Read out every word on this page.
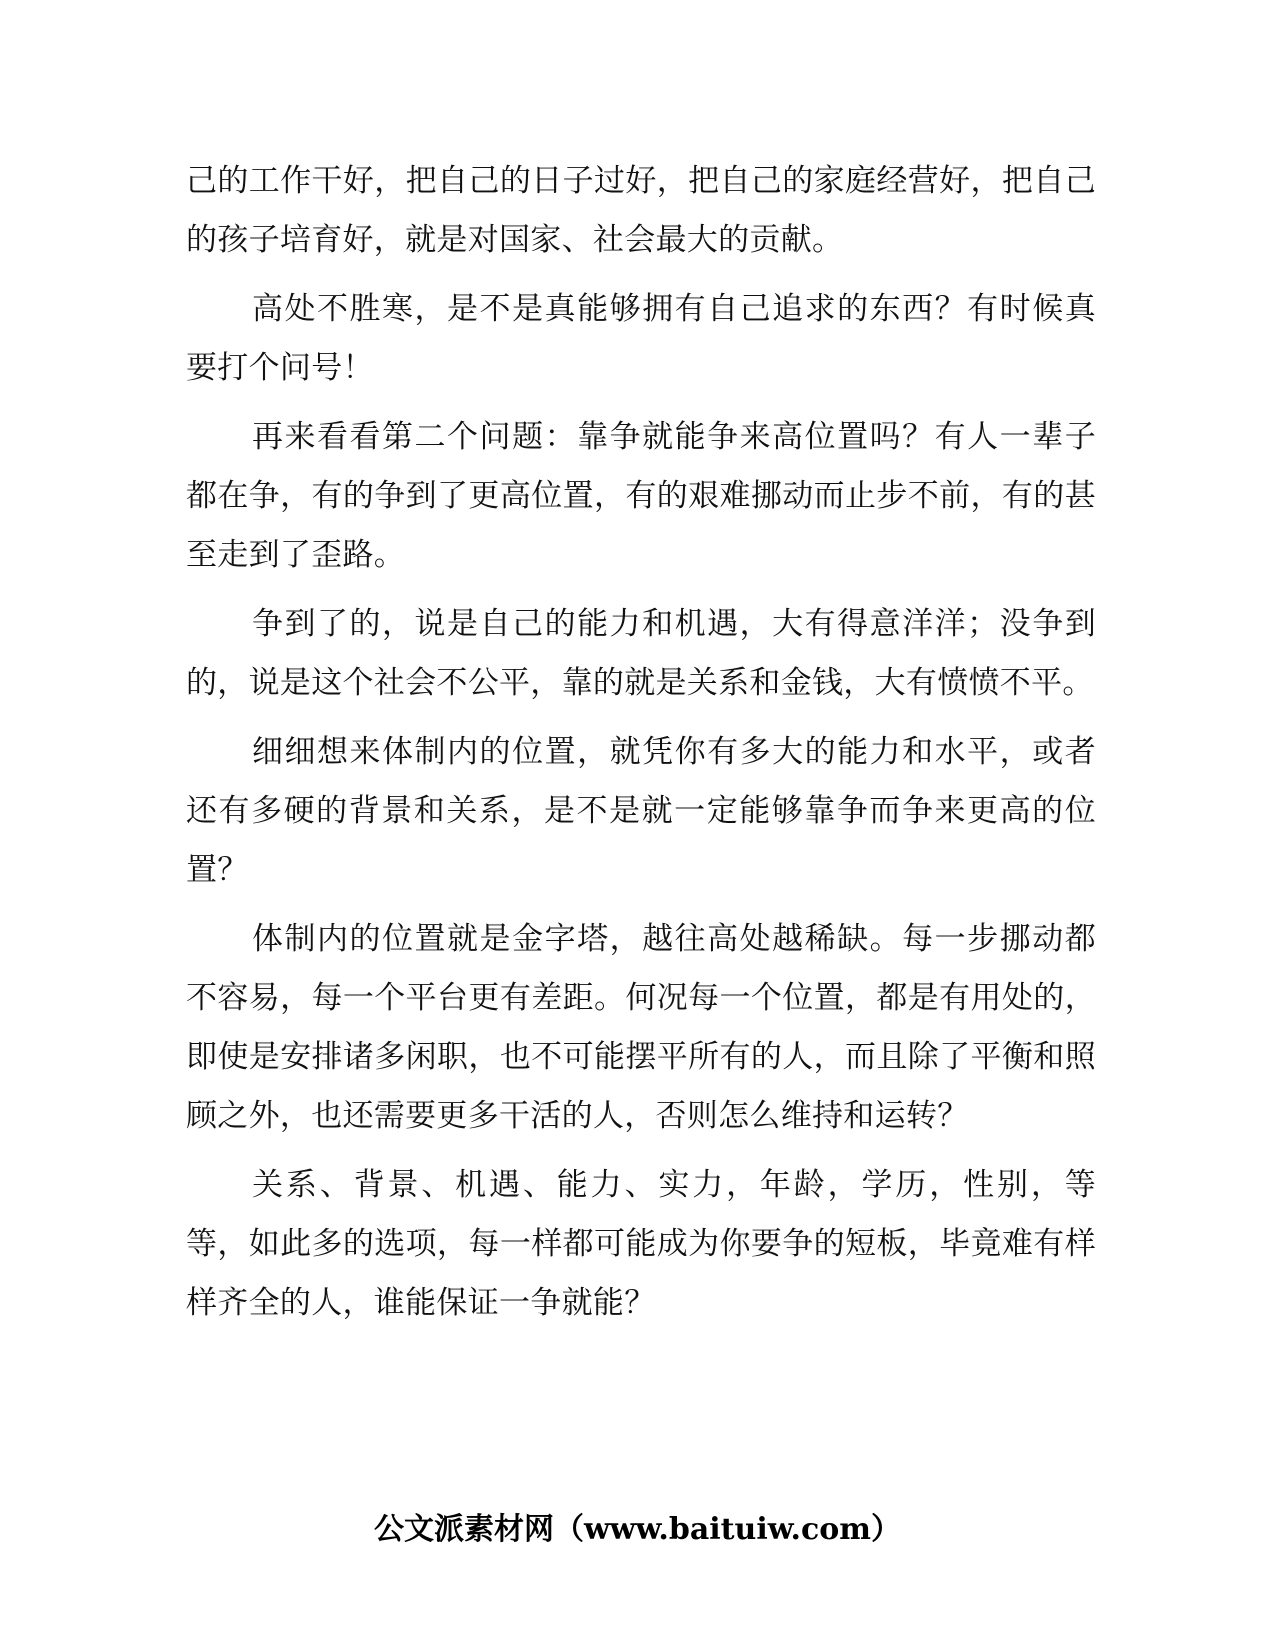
己的工作干好，把自己的日子过好，把自己的家庭经营好，把自己的孩子培育好，就是对国家、社会最大的贡献。

高处不胜寒，是不是真能够拥有自己追求的东西？有时候真要打个问号！

再来看看第二个问题：靠争就能争来高位置吗？有人一辈子都在争，有的争到了更高位置，有的艰难挪动而止步不前，有的甚至走到了歪路。

争到了的，说是自己的能力和机遇，大有得意洋洋；没争到的，说是这个社会不公平，靠的就是关系和金钱，大有愤愤不平。

细细想来体制内的位置，就凭你有多大的能力和水平，或者还有多硬的背景和关系，是不是就一定能够靠争而争来更高的位置？

体制内的位置就是金字塔，越往高处越稀缺。每一步挪动都不容易，每一个平台更有差距。何况每一个位置，都是有用处的，即使是安排诸多闲职，也不可能摆平所有的人，而且除了平衡和照顾之外，也还需要更多干活的人，否则怎么维持和运转？

关系、背景、机遇、能力、实力，年龄，学历，性别，等等，如此多的选项，每一样都可能成为你要争的短板，毕竟难有样样齐全的人，谁能保证一争就能？

公文派素材网（www.baituiw.com）
